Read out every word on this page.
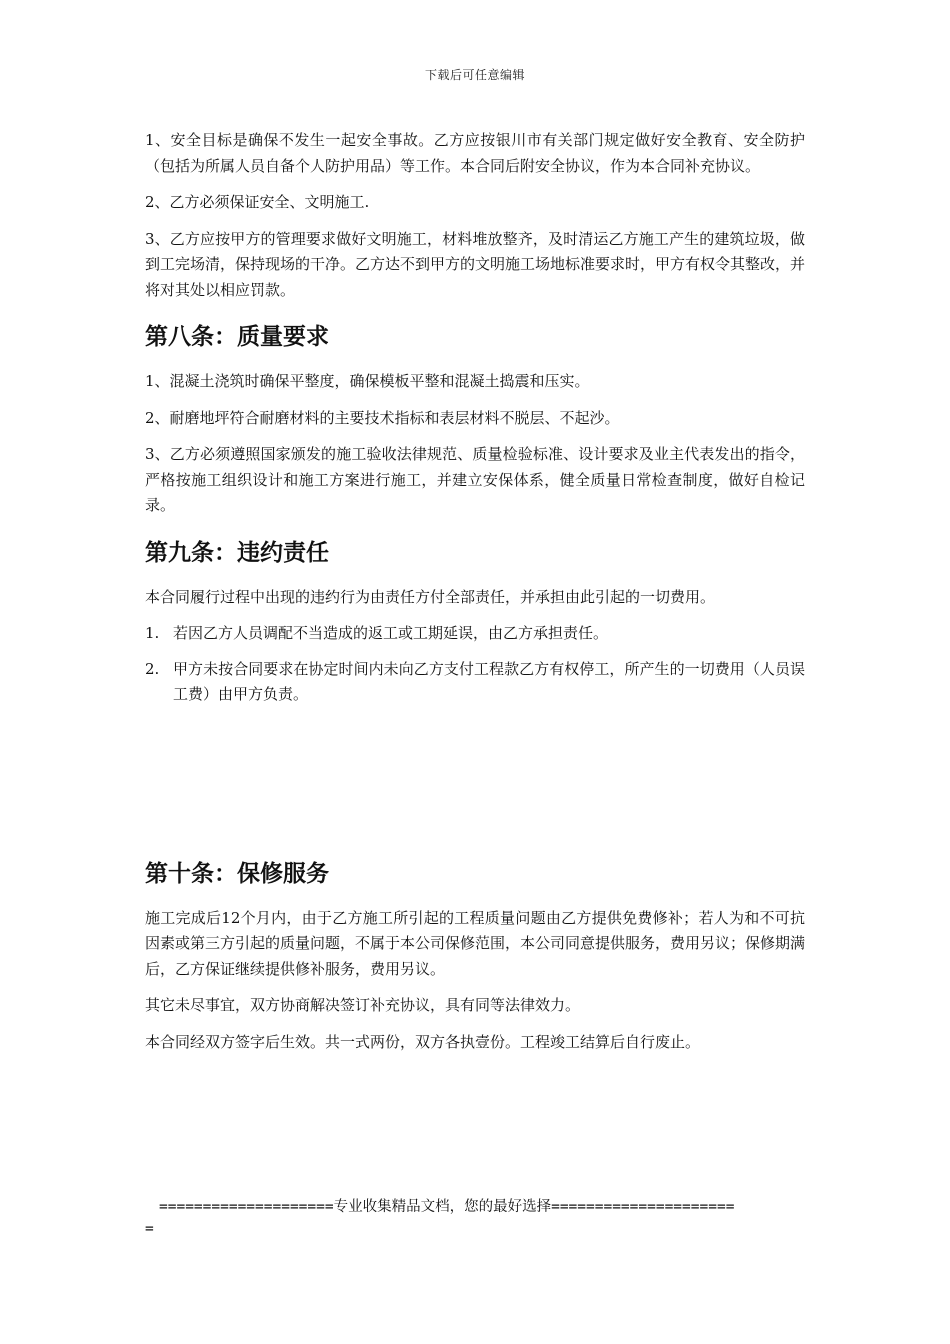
下载后可任意编辑

1、安全目标是确保不发生一起安全事故。乙方应按银川市有关部门规定做好安全教育、安全防护（包括为所属人员自备个人防护用品）等工作。本合同后附安全协议，作为本合同补充协议。

2、乙方必须保证安全、文明施工.

3、乙方应按甲方的管理要求做好文明施工，材料堆放整齐，及时清运乙方施工产生的建筑垃圾，做到工完场清，保持现场的干净。乙方达不到甲方的文明施工场地标准要求时，甲方有权令其整改，并将对其处以相应罚款。

第八条：质量要求

1、混凝土浇筑时确保平整度，确保模板平整和混凝土捣震和压实。

2、耐磨地坪符合耐磨材料的主要技术指标和表层材料不脱层、不起沙。

3、乙方必须遵照国家颁发的施工验收法律规范、质量检验标准、设计要求及业主代表发出的指令，严格按施工组织设计和施工方案进行施工，并建立安保体系，健全质量日常检查制度，做好自检记录。

第九条：违约责任

本合同履行过程中出现的违约行为由责任方付全部责任，并承担由此引起的一切费用。

1. 若因乙方人员调配不当造成的返工或工期延误，由乙方承担责任。
2. 甲方未按合同要求在协定时间内未向乙方支付工程款乙方有权停工，所产生的一切费用（人员误工费）由甲方负责。
第十条：保修服务

施工完成后12个月内，由于乙方施工所引起的工程质量问题由乙方提供免费修补；若人为和不可抗因素或第三方引起的质量问题，不属于本公司保修范围，本公司同意提供服务，费用另议；保修期满后，乙方保证继续提供修补服务，费用另议。

其它未尽事宜，双方协商解决签订补充协议，具有同等法律效力。

本合同经双方签字后生效。共一式两份，双方各执壹份。工程竣工结算后自行废止。

====================专业收集精品文档，您的最好选择=====================
=
